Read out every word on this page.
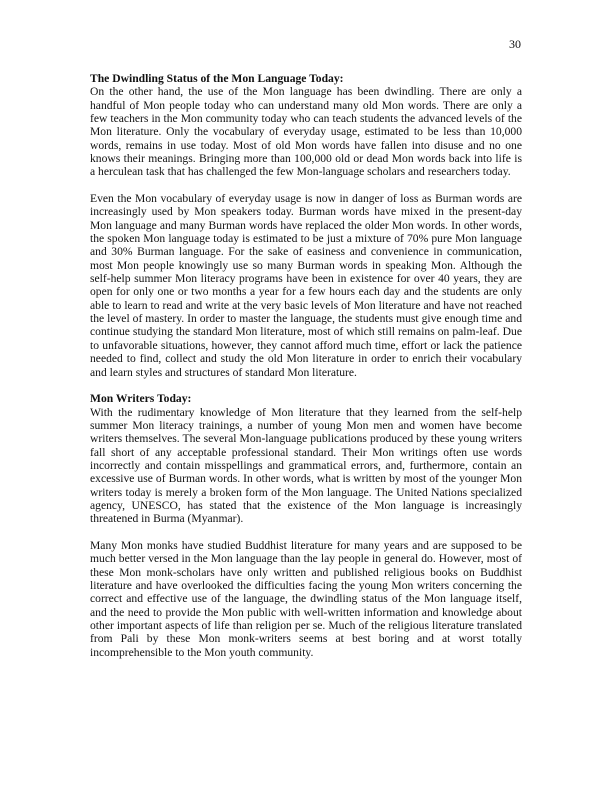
30

The Dwindling Status of the Mon Language Today:

On the other hand, the use of the Mon language has been dwindling. There are only a handful of Mon people today who can understand many old Mon words. There are only a few teachers in the Mon community today who can teach students the advanced levels of the Mon literature. Only the vocabulary of everyday usage, estimated to be less than 10,000 words, remains in use today. Most of old Mon words have fallen into disuse and no one knows their meanings. Bringing more than 100,000 old or dead Mon words back into life is a herculean task that has challenged the few Mon-language scholars and researchers today.

Even the Mon vocabulary of everyday usage is now in danger of loss as Burman words are increasingly used by Mon speakers today. Burman words have mixed in the present-day Mon language and many Burman words have replaced the older Mon words. In other words, the spoken Mon language today is estimated to be just a mixture of 70% pure Mon language and 30% Burman language. For the sake of easiness and convenience in communication, most Mon people knowingly use so many Burman words in speaking Mon. Although the self-help summer Mon literacy programs have been in existence for over 40 years, they are open for only one or two months a year for a few hours each day and the students are only able to learn to read and write at the very basic levels of Mon literature and have not reached the level of mastery. In order to master the language, the students must give enough time and continue studying the standard Mon literature, most of which still remains on palm-leaf. Due to unfavorable situations, however, they cannot afford much time, effort or lack the patience needed to find, collect and study the old Mon literature in order to enrich their vocabulary and learn styles and structures of standard Mon literature.

Mon Writers Today:

With the rudimentary knowledge of Mon literature that they learned from the self-help summer Mon literacy trainings, a number of young Mon men and women have become writers themselves. The several Mon-language publications produced by these young writers fall short of any acceptable professional standard. Their Mon writings often use words incorrectly and contain misspellings and grammatical errors, and, furthermore, contain an excessive use of Burman words. In other words, what is written by most of the younger Mon writers today is merely a broken form of the Mon language. The United Nations specialized agency, UNESCO, has stated that the existence of the Mon language is increasingly threatened in Burma (Myanmar).

Many Mon monks have studied Buddhist literature for many years and are supposed to be much better versed in the Mon language than the lay people in general do. However, most of these Mon monk-scholars have only written and published religious books on Buddhist literature and have overlooked the difficulties facing the young Mon writers concerning the correct and effective use of the language, the dwindling status of the Mon language itself, and the need to provide the Mon public with well-written information and knowledge about other important aspects of life than religion per se. Much of the religious literature translated from Pali by these Mon monk-writers seems at best boring and at worst totally incomprehensible to the Mon youth community.
